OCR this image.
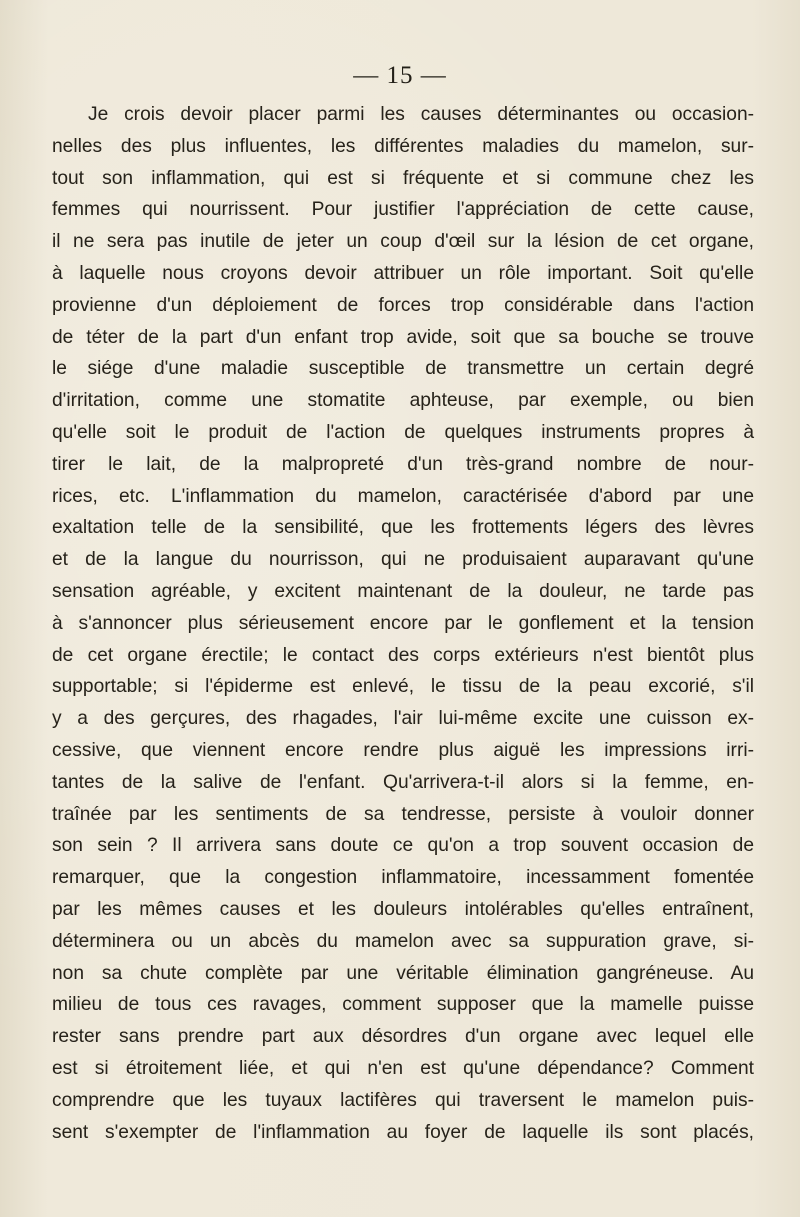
— 15 —
Je crois devoir placer parmi les causes déterminantes ou occasion-
nelles des plus influentes, les différentes maladies du mamelon, sur-
tout son inflammation, qui est si fréquente et si commune chez les
femmes qui nourrissent. Pour justifier l'appréciation de cette cause,
il ne sera pas inutile de jeter un coup d'œil sur la lésion de cet organe,
à laquelle nous croyons devoir attribuer un rôle important. Soit qu'elle
provienne d'un déploiement de forces trop considérable dans l'action
de téter de la part d'un enfant trop avide, soit que sa bouche se trouve
le siége d'une maladie susceptible de transmettre un certain degré
d'irritation, comme une stomatite aphteuse, par exemple, ou bien
qu'elle soit le produit de l'action de quelques instruments propres à
tirer le lait, de la malpropreté d'un très-grand nombre de nour-
rices, etc. L'inflammation du mamelon, caractérisée d'abord par une
exaltation telle de la sensibilité, que les frottements légers des lèvres
et de la langue du nourrisson, qui ne produisaient auparavant qu'une
sensation agréable, y excitent maintenant de la douleur, ne tarde pas
à s'annoncer plus sérieusement encore par le gonflement et la tension
de cet organe érectile; le contact des corps extérieurs n'est bientôt plus
supportable; si l'épiderme est enlevé, le tissu de la peau excorié, s'il
y a des gerçures, des rhagades, l'air lui-même excite une cuisson ex-
cessive, que viennent encore rendre plus aiguë les impressions irri-
tantes de la salive de l'enfant. Qu'arrivera-t-il alors si la femme, en-
traînée par les sentiments de sa tendresse, persiste à vouloir donner
son sein ? Il arrivera sans doute ce qu'on a trop souvent occasion de
remarquer, que la congestion inflammatoire, incessamment fomentée
par les mêmes causes et les douleurs intolérables qu'elles entraînent,
déterminera ou un abcès du mamelon avec sa suppuration grave, si-
non sa chute complète par une véritable élimination gangréneuse. Au
milieu de tous ces ravages, comment supposer que la mamelle puisse
rester sans prendre part aux désordres d'un organe avec lequel elle
est si étroitement liée, et qui n'en est qu'une dépendance? Comment
comprendre que les tuyaux lactifères qui traversent le mamelon puis-
sent s'exempter de l'inflammation au foyer de laquelle ils sont placés,
